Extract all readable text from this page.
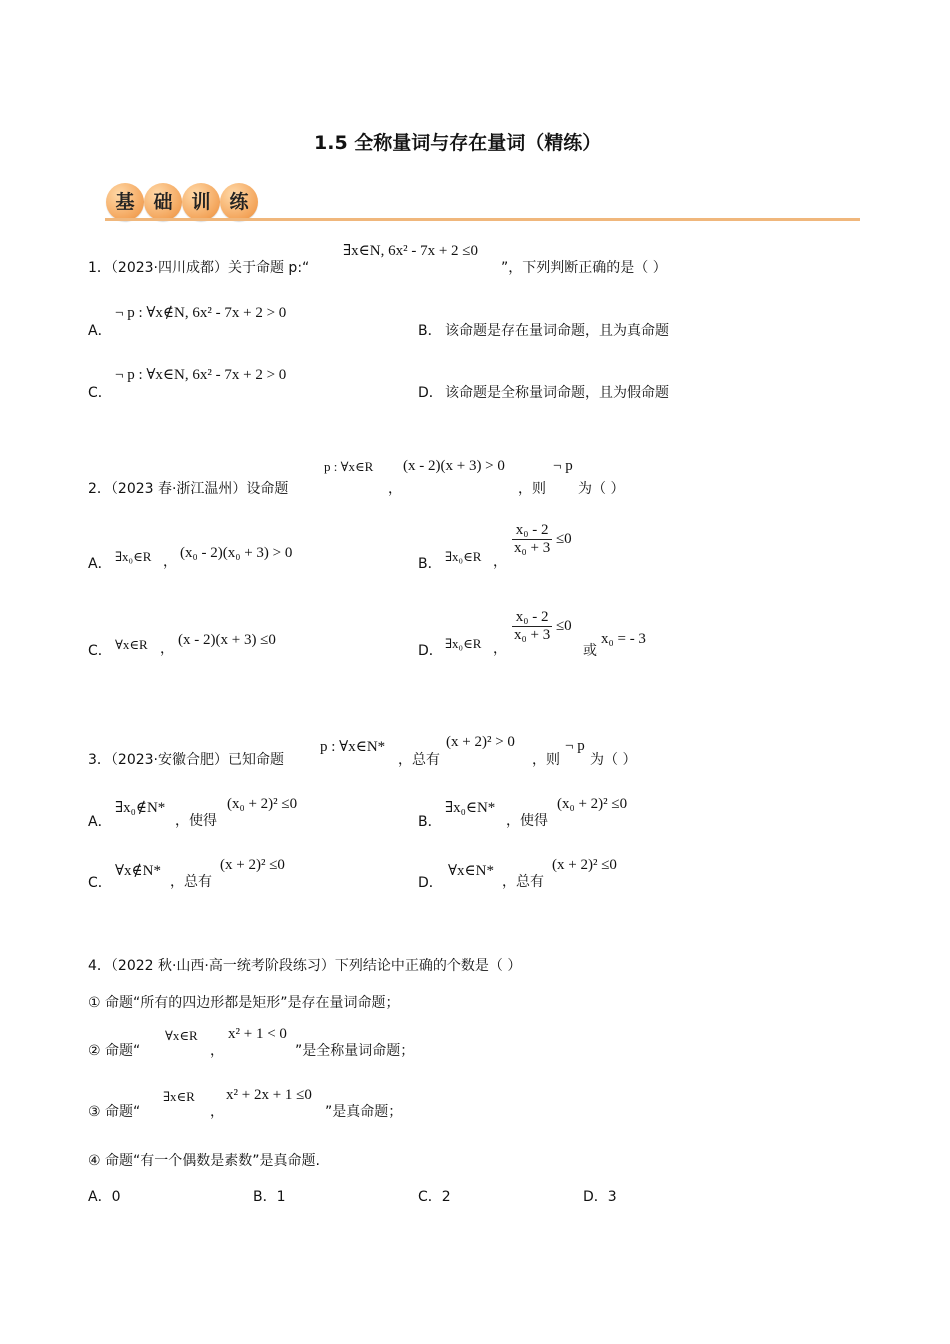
1.5 全称量词与存在量词（精练）
基 础 训 练
1．（2023·四川成都）关于命题 p:“
∃x∈N, 6x² - 7x + 2 ≤0
”，下列判断正确的是（ ）
A．
¬ p : ∀x∉N, 6x² - 7x + 2 > 0
B． 该命题是存在量词命题，且为真命题
C．
¬ p : ∀x∈N, 6x² - 7x + 2 > 0
D． 该命题是全称量词命题，且为假命题
2．（2023 春·浙江温州）设命题
p : ∀x∈R
，
(x - 2)(x + 3) > 0
，则
¬ p
为（ ）
A． ∃x₀∈R ，
(x₀ - 2)(x₀ + 3) > 0
B． ∃x₀∈R ，
$\frac{\text{x₀ - 2}}{\text{x₀ + 3}} \le 0$
C． ∀x∈R ，
(x - 2)(x + 3) ≤0
D． ∃x₀∈R ，
$\frac{\text{x₀ - 2}}{\text{x₀ + 3}} \le 0$
或
x₀ = - 3
3．（2023·安徽合肥）已知命题
p : ∀x∈N*
，总有
(x + 2)² > 0
，则
¬ p
为（ ）
A．
∃x₀∉N*
，使得
(x₀ + 2)² ≤0
B．
∃x₀∈N*
，使得
(x₀ + 2)² ≤0
C．
∀x∉N*
，总有
(x + 2)² ≤0
D．
∀x∈N*
，总有
(x + 2)² ≤0
4．（2022 秋·山西·高一统考阶段练习）下列结论中正确的个数是（ ）
① 命题“所有的四边形都是矩形”是存在量词命题；
② 命题“
∀x∈R
，
x² + 1 < 0
”是全称量词命题；
③ 命题“
∃x∈R
，
x² + 2x + 1 ≤0
”是真命题；
④ 命题“有一个偶数是素数”是真命题.
A．0	B．1	C．2	D．3
